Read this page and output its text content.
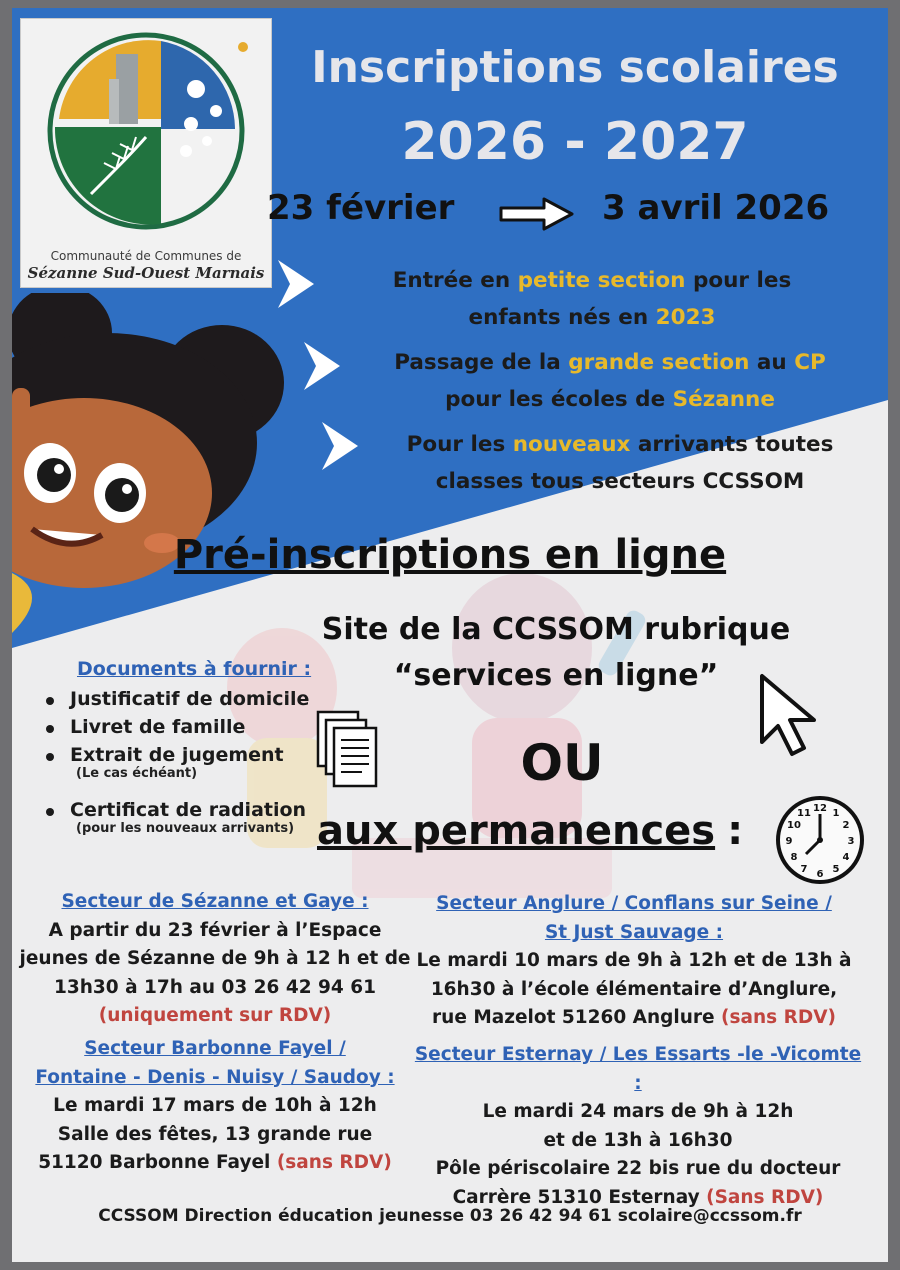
Communauté de Communes de
Sézanne Sud-Ouest Marnais
Inscriptions scolaires
2026 - 2027
23 février	3 avril 2026
Entrée en petite section pour les
enfants nés en 2023
Passage de la grande section au CP
pour les écoles de Sézanne
Pour les nouveaux arrivants toutes
classes tous secteurs CCSSOM
Pré-inscriptions en ligne
Site de la CCSSOM rubrique
“services en ligne”
OU
aux permanences :	12 1
2
3
4
5
6
7
8
9
10
11
Documents à fournir :
Justificatif de domicile
Livret de famille
Extrait de jugement
(Le cas échéant)
Certificat de radiation
(pour les nouveaux arrivants)
Secteur de Sézanne et Gaye :
A partir du 23 février à l’Espace
jeunes de Sézanne de 9h à 12 h et de
13h30 à 17h au 03 26 42 94 61
(uniquement sur RDV)
Secteur Barbonne Fayel /
Fontaine - Denis - Nuisy / Saudoy :
Le mardi 17 mars de 10h à 12h
Salle des fêtes, 13 grande rue
51120 Barbonne Fayel (sans RDV)
Secteur Anglure / Conflans sur Seine /
St Just Sauvage :
Le mardi 10 mars de 9h à 12h et de 13h à
16h30 à l’école élémentaire d’Anglure,
rue Mazelot 51260 Anglure (sans RDV)
Secteur Esternay / Les Essarts -le -Vicomte :
Le mardi 24 mars de 9h à 12h
et de 13h à 16h30
Pôle périscolaire 22 bis rue du docteur
Carrère 51310 Esternay (Sans RDV)
CCSSOM Direction éducation jeunesse 03 26 42 94 61 scolaire@ccssom.fr
